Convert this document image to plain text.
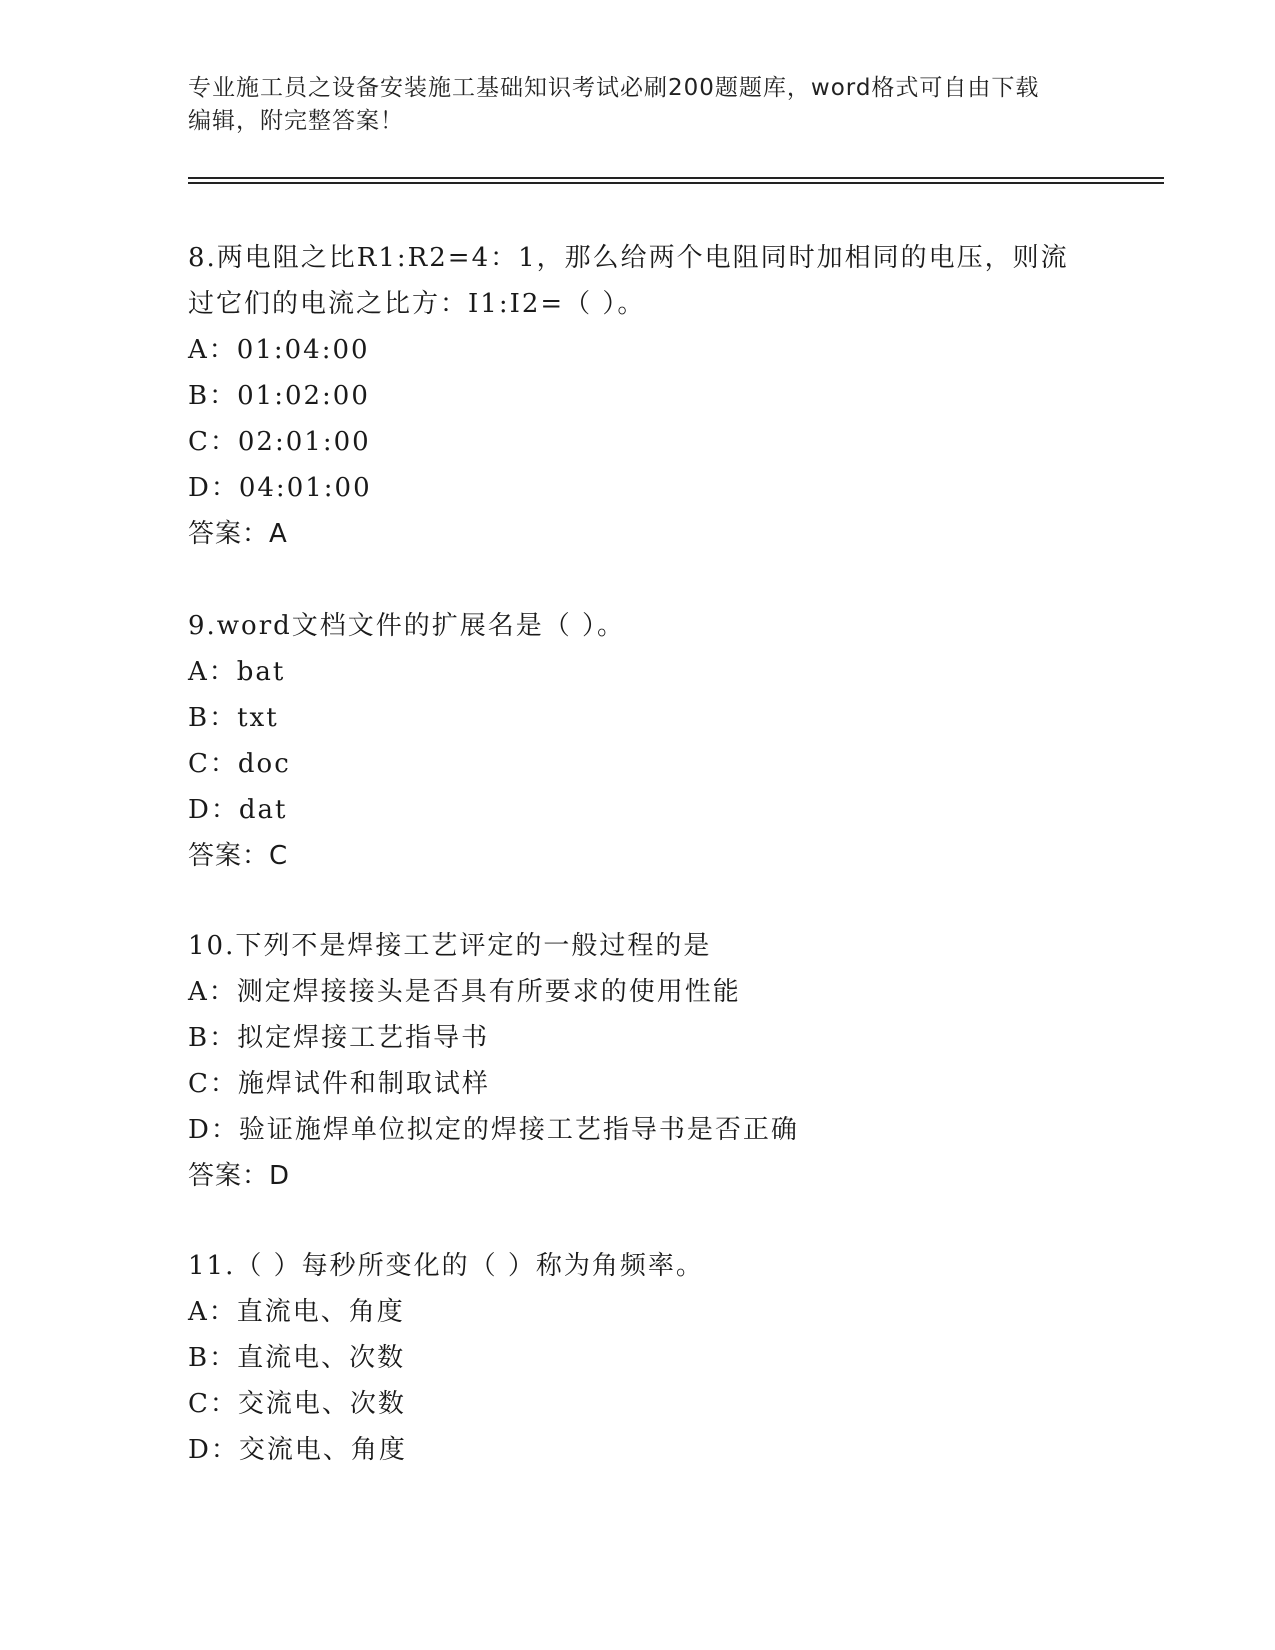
专业施工员之设备安装施工基础知识考试必刷200题题库，word格式可自由下载
编辑，附完整答案！
8.两电阻之比R1:R2=4：1，那么给两个电阻同时加相同的电压，则流
过它们的电流之比方：I1:I2=（ ）。
A：01:04:00
B：01:02:00
C：02:01:00
D：04:01:00
答案：A
9.word文档文件的扩展名是（ ）。
A：bat
B：txt
C：doc
D：dat
答案：C
10.下列不是焊接工艺评定的一般过程的是
A：测定焊接接头是否具有所要求的使用性能
B：拟定焊接工艺指导书
C：施焊试件和制取试样
D：验证施焊单位拟定的焊接工艺指导书是否正确
答案：D
11.（ ）每秒所变化的（ ）称为角频率。
A：直流电、角度
B：直流电、次数
C：交流电、次数
D：交流电、角度
